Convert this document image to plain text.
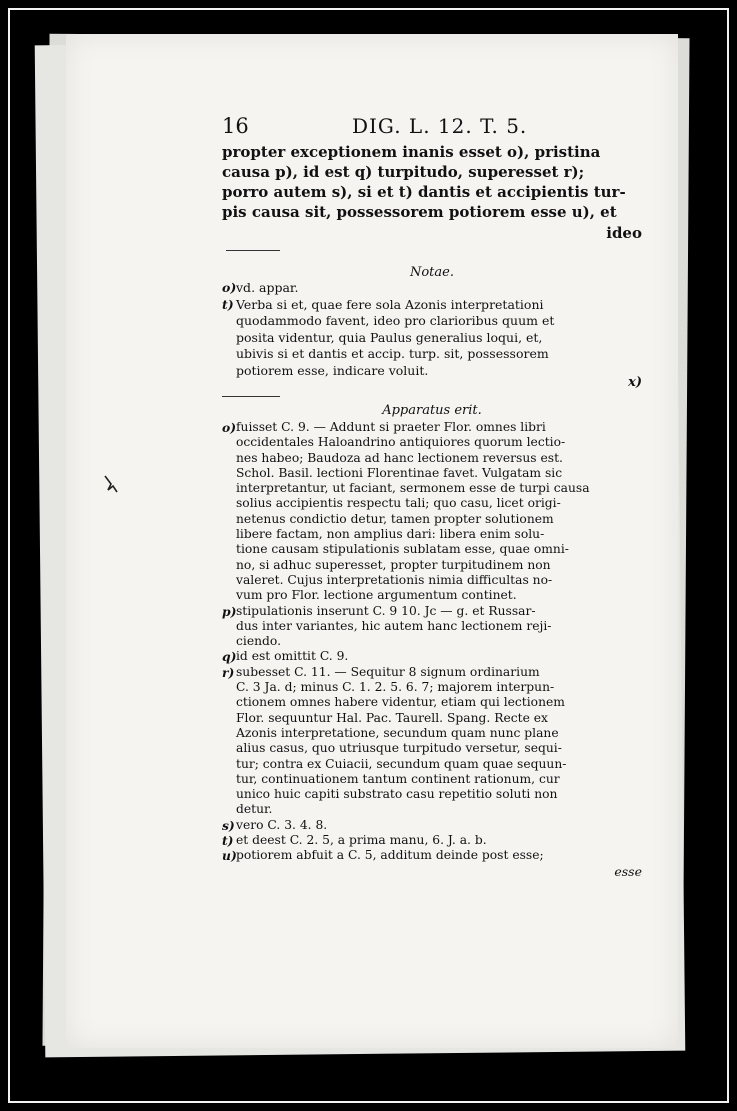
16	DIG. L. 12. T. 5.
propter exceptionem inanis esset o), pristina
causa p), id est q) turpitudo, superesset r);
porro autem s), si et t) dantis et accipientis tur-
pis causa sit, possessorem potiorem esse u), et
ideo
Notae.
o) vd. appar.
t) Verba si et, quae fere sola Azonis interpretationi
quodammodo favent, ideo pro clarioribus quum et
posita videntur, quia Paulus generalius loqui, et,
ubivis si et dantis et accip. turp. sit, possessorem
potiorem esse, indicare voluit.
x)
Apparatus erit.
o) fuisset C. 9. — Addunt si praeter Flor. omnes libri
occidentales Haloandrino antiquiores quorum lectio-
nes habeo; Baudoza ad hanc lectionem reversus est.
Schol. Basil. lectioni Florentinae favet. Vulgatam sic
interpretantur, ut faciant, sermonem esse de turpi causa
solius accipientis respectu tali; quo casu, licet origi-
netenus condictio detur, tamen propter solutionem
libere factam, non amplius dari: libera enim solu-
tione causam stipulationis sublatam esse, quae omni-
no, si adhuc superesset, propter turpitudinem non
valeret. Cujus interpretationis nimia difficultas no-
vum pro Flor. lectione argumentum continet.
p) stipulationis inserunt C. 9 10. Jc — g. et Russar-
dus inter variantes, hic autem hanc lectionem reji-
ciendo.
q) id est omittit C. 9.
r) subesset C. 11. — Sequitur 8 signum ordinarium
C. 3 Ja. d; minus C. 1. 2. 5. 6. 7; majorem interpun-
ctionem omnes habere videntur, etiam qui lectionem
Flor. sequuntur Hal. Pac. Taurell. Spang. Recte ex
Azonis interpretatione, secundum quam nunc plane
alius casus, quo utriusque turpitudo versetur, sequi-
tur; contra ex Cuiacii, secundum quam quae sequun-
tur, continuationem tantum continent rationum, cur
unico huic capiti substrato casu repetitio soluti non
detur.
s) vero C. 3. 4. 8.
t) et deest C. 2. 5, a prima manu, 6. J. a. b.
u) potiorem abfuit a C. 5, additum deinde post esse;
esse
